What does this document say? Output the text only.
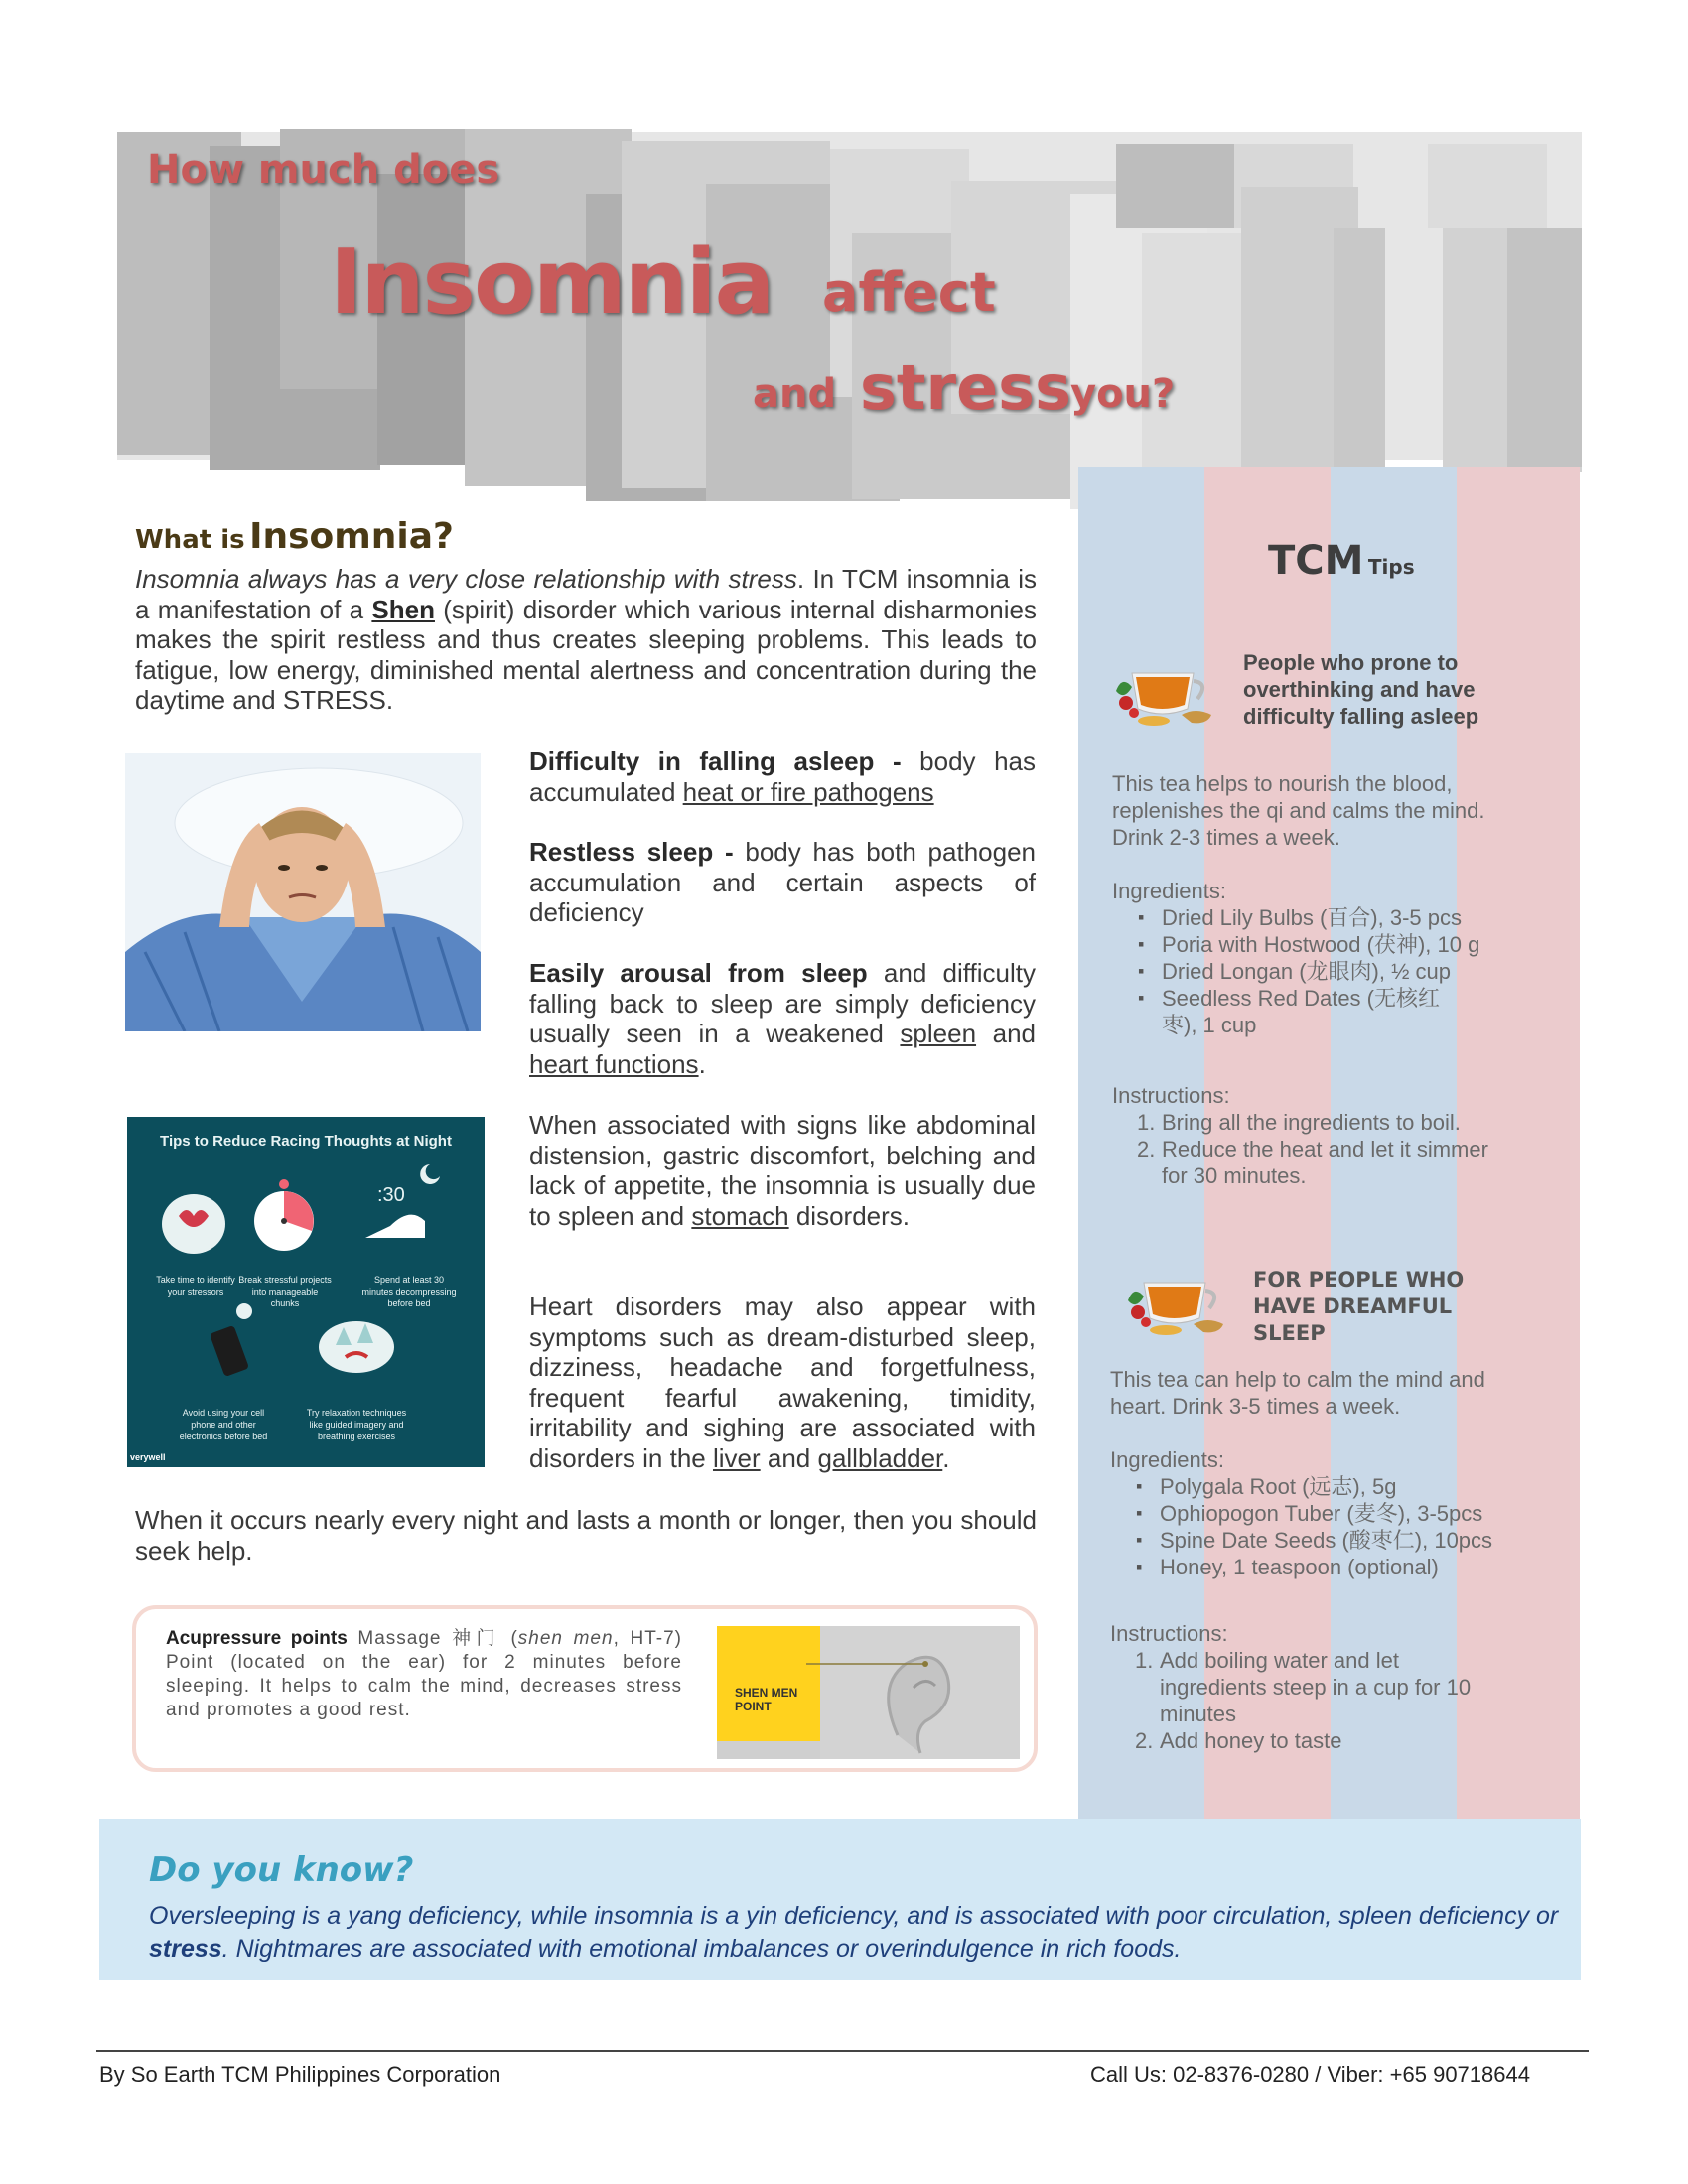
How much does
Insomnia affect
and stress you?
What is Insomnia?

Insomnia always has a very close relationship with stress. In TCM insomnia is a manifestation of a Shen (spirit) disorder which various internal disharmonies makes the spirit restless and thus creates sleeping problems. This leads to fatigue, low energy, diminished mental alertness and concentration during the daytime and STRESS.

Difficulty in falling asleep - body has accumulated heat or fire pathogens

Restless sleep - body has both pathogen accumulation and certain aspects of deficiency

Easily arousal from sleep and difficulty falling back to sleep are simply deficiency usually seen in a weakened spleen and heart functions.

When associated with signs like abdominal distension, gastric discomfort, belching and lack of appetite, the insomnia is usually due to spleen and stomach disorders.

Heart disorders may also appear with symptoms such as dream-disturbed sleep, dizziness, headache and forgetfulness, frequent fearful awakening, timidity, irritability and sighing are associated with disorders in the liver and gallbladder.

Tips to Reduce Racing Thoughts at Night
:30
Take time to identify your stressors
Break stressful projects into manageable chunks
Spend at least 30 minutes decompressing before bed
Avoid using your cell phone and other electronics before bed
Try relaxation techniques like guided imagery and breathing exercises
verywell

When it occurs nearly every night and lasts a month or longer, then you should seek help.

Acupressure points Massage 神门 (shen men, HT-7) Point (located on the ear) for 2 minutes before sleeping. It helps to calm the mind, decreases stress and promotes a good rest.

SHEN MEN POINT
TCM Tips
People who prone to overthinking and have difficulty falling asleep
This tea helps to nourish the blood, replenishes the qi and calms the mind. Drink 2-3 times a week.
Ingredients:
▪ Dried Lily Bulbs (百合), 3-5 pcs
▪ Poria with Hostwood (茯神), 10 g
▪ Dried Longan (龙眼肉), ½ cup
▪ Seedless Red Dates (无核红枣), 1 cup
Instructions:
1. Bring all the ingredients to boil.
2. Reduce the heat and let it simmer for 30 minutes.
FOR PEOPLE WHO HAVE DREAMFUL SLEEP
This tea can help to calm the mind and heart. Drink 3-5 times a week.
Ingredients:
▪ Polygala Root (远志), 5g
▪ Ophiopogon Tuber (麦冬), 3-5pcs
▪ Spine Date Seeds (酸枣仁), 10pcs
▪ Honey, 1 teaspoon (optional)
Instructions:
1. Add boiling water and let ingredients steep in a cup for 10 minutes
2. Add honey to taste
Do you know?

Oversleeping is a yang deficiency, while insomnia is a yin deficiency, and is associated with poor circulation, spleen deficiency or stress. Nightmares are associated with emotional imbalances or overindulgence in rich foods.

By So Earth TCM Philippines Corporation	Call Us: 02-8376-0280 / Viber: +65 90718644
